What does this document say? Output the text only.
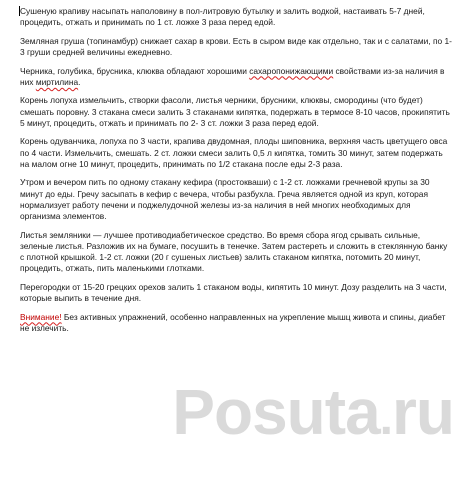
Сушеную крапиву насыпать наполовину в пол-литровую бутылку и залить водкой, настаивать 5-7 дней, процедить, отжать и принимать по 1 ст. ложке 3 раза перед едой.

Земляная груша (топинамбур) снижает сахар в крови. Есть в сыром виде как отдельно, так и с салатами, по 1-3 груши средней величины ежедневно.

Черника, голубика, брусника, клюква обладают хорошими сахаропонижающими свойствами из-за наличия в них миртилина.

Корень лопуха измельчить, створки фасоли, листья черники, брусники, клюквы, смородины (что будет) смешать поровну. 3 стакана смеси залить 3 стаканами кипятка, подержать в термосе 8-10 часов, прокипятить 5 минут, процедить, отжать и принимать по 2- 3 ст. ложки 3 раза перед едой.

Корень одуванчика, лопуха по 3 части, крапива двудомная, плоды шиповника, верхняя часть цветущего овса по 4 части. Измельчить, смешать. 2 ст. ложки смеси залить 0,5 л кипятка, томить 30 минут, затем подержать на малом огне 10 минут, процедить, принимать по 1/2 стакана после еды 2-3 раза.

Утром и вечером пить по одному стакану кефира (простокваши) с 1-2 ст. ложками гречневой крупы за 30 минут до еды. Гречу засыпать в кефир с вечера, чтобы разбухла. Греча является одной из круп, которая нормализует работу печени и поджелудочной железы из-за наличия в ней многих необходимых для организма элементов.

Листья земляники — лучшее противодиабетическое средство. Во время сбора ягод срывать сильные, зеленые листья. Разложив их на бумаге, посушить в тенечке. Затем растереть и сложить в стеклянную банку с плотной крышкой. 1-2 ст. ложки (20 г сушеных листьев) залить стаканом кипятка, потомить 20 минут, процедить, отжать, пить маленькими глотками.

Перегородки от 15-20 грецких орехов залить 1 стаканом воды, кипятить 10 минут. Дозу разделить на 3 части, которые выпить в течение дня.

Внимание! Без активных упражнений, особенно направленных на укрепление мышц живота и спины, диабет не излечить.

Posuta.ru
